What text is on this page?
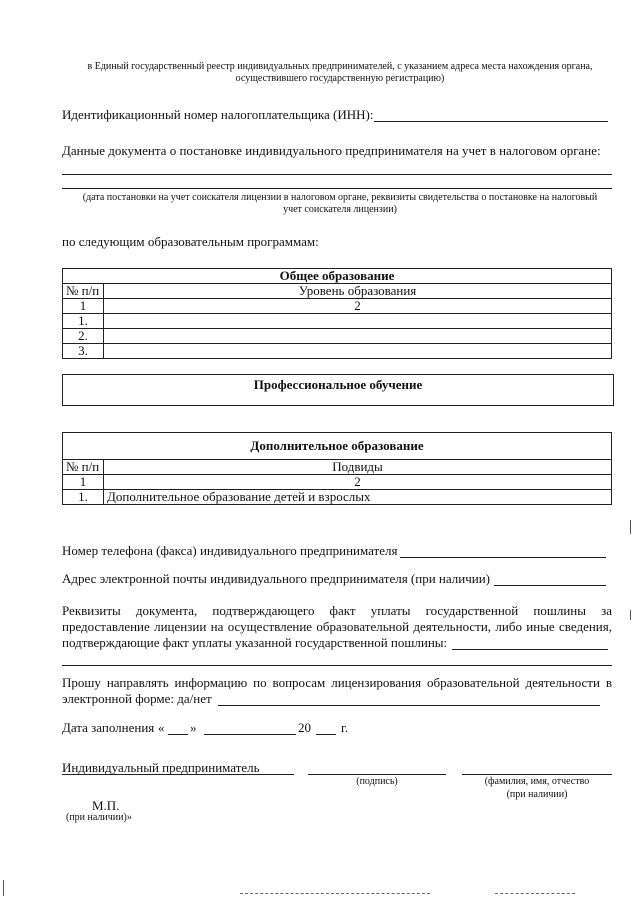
в Единый государственный реестр индивидуальных предпринимателей, с указанием адреса места нахождения органа, осуществившего государственную регистрацию)
Идентификационный номер налогоплательщика (ИНН):
Данные документа о постановке индивидуального предпринимателя на учет в налоговом органе:
(дата постановки на учет соискателя лицензии в налоговом органе, реквизиты свидетельства о постановке на налоговый учет соискателя лицензии)
по следующим образовательным программам:
Общее образование	
№ п/п	Уровень образования
1	2
1.	
2.	
3.	
Профессиональное обучение
Дополнительное образование	
№ п/п	Подвиды
1	2
1.	Дополнительное образование детей и взрослых
Номер телефона (факса) индивидуального предпринимателя
Адрес электронной почты индивидуального предпринимателя (при наличии)
Реквизиты документа, подтверждающего факт уплаты государственной пошлины за предоставление лицензии на осуществление образовательной деятельности, либо иные сведения,
подтверждающие факт уплаты указанной государственной пошлины:
Прошу направлять информацию по вопросам лицензирования образовательной деятельности в
электронной форме: да/нет
Дата заполнения « »	20 г.
Индивидуальный предприниматель
(подпись)	(фамилия, имя, отчество
(при наличии)
М.П.
(при наличии)»
